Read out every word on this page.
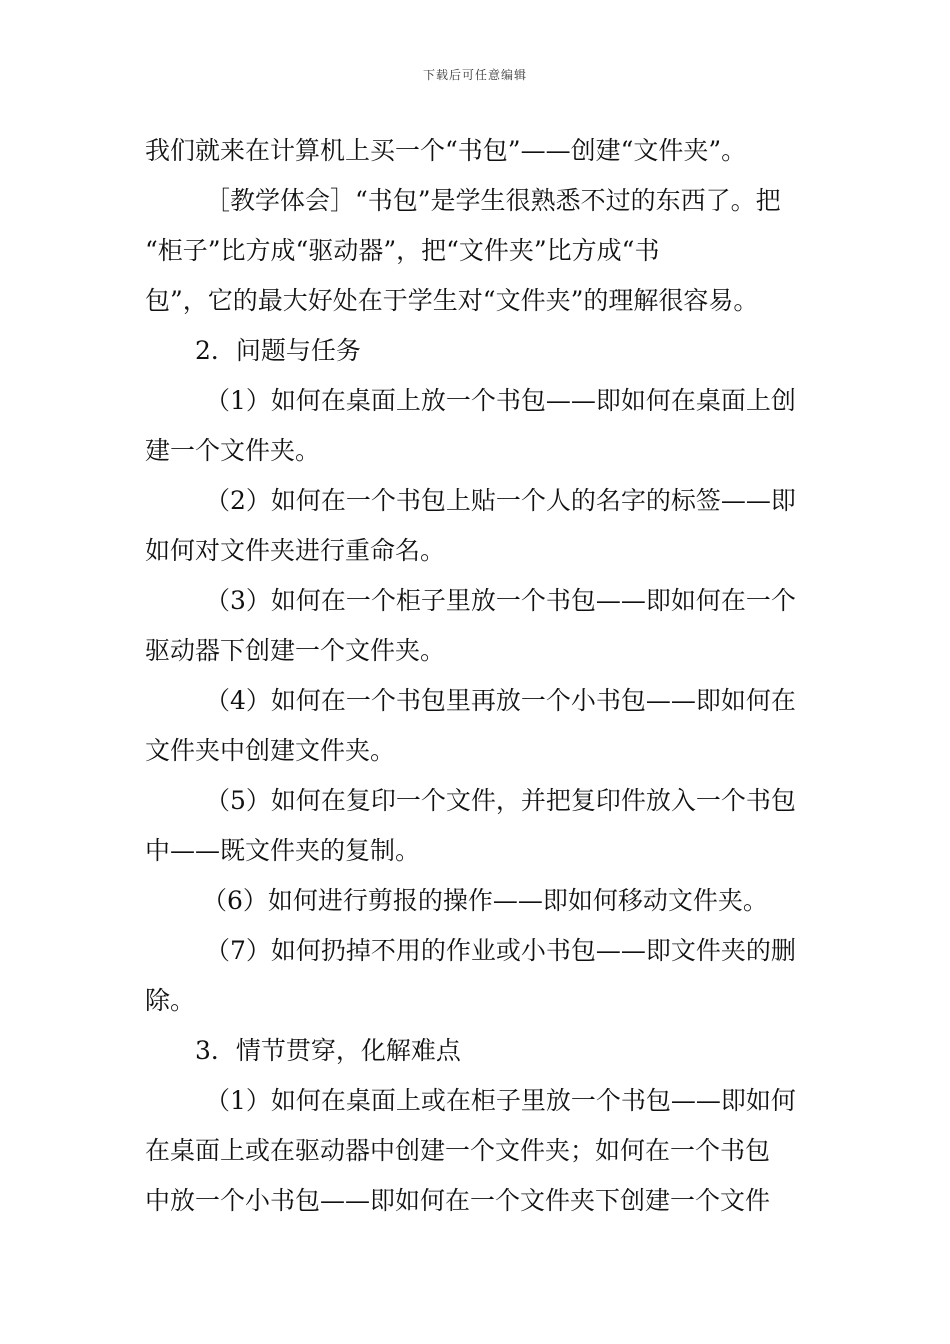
下载后可任意编辑
我们就来在计算机上买一个“书包”——创建“文件夹”。
［教学体会］“书包”是学生很熟悉不过的东西了。把
“柜子”比方成“驱动器”，把“文件夹”比方成“书
包”，它的最大好处在于学生对“文件夹”的理解很容易。
2．问题与任务
（1）如何在桌面上放一个书包——即如何在桌面上创
建一个文件夹。
（2）如何在一个书包上贴一个人的名字的标签——即
如何对文件夹进行重命名。
（3）如何在一个柜子里放一个书包——即如何在一个
驱动器下创建一个文件夹。
（4）如何在一个书包里再放一个小书包——即如何在
文件夹中创建文件夹。
（5）如何在复印一个文件，并把复印件放入一个书包
中——既文件夹的复制。
（6）如何进行剪报的操作——即如何移动文件夹。
（7）如何扔掉不用的作业或小书包——即文件夹的删
除。
3．情节贯穿，化解难点
（1）如何在桌面上或在柜子里放一个书包——即如何
在桌面上或在驱动器中创建一个文件夹；如何在一个书包
中放一个小书包——即如何在一个文件夹下创建一个文件
